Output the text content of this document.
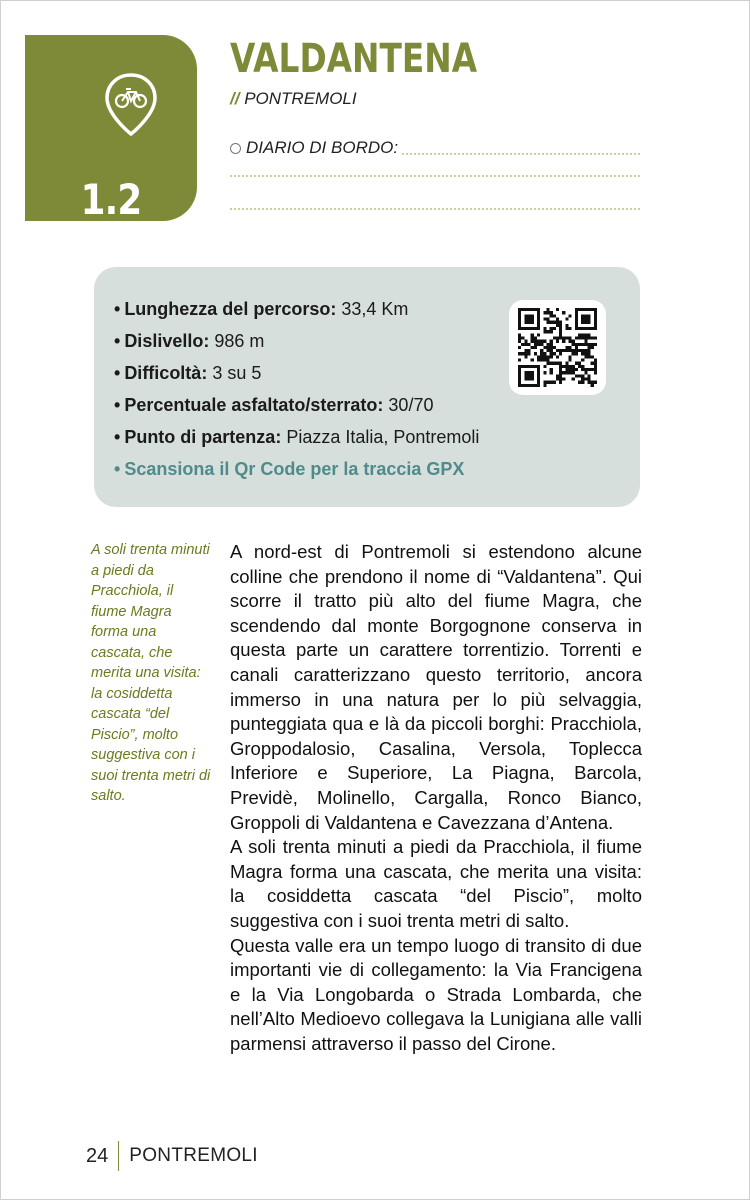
1.2
VALDANTENA
// PONTREMOLI
DIARIO DI BORDO:
• Lunghezza del percorso: 33,4 Km
• Dislivello: 986 m
• Difficoltà: 3 su 5
• Percentuale asfaltato/sterrato: 30/70
• Punto di partenza: Piazza Italia, Pontremoli
• Scansiona il Qr Code per la traccia GPX
A soli trenta minuti a piedi da Pracchiola, il fiume Magra forma una cascata, che merita una visita: la cosiddetta cascata “del Piscio”, molto suggestiva con i suoi trenta metri di salto.

A nord-est di Pontremoli si estendono alcune colline che prendono il nome di “Valdantena”. Qui scorre il tratto più alto del fiume Magra, che scendendo dal monte Borgognone conserva in questa parte un carattere torrentizio. Torrenti e canali caratterizzano questo territorio, ancora immerso in una natura per lo più selvaggia, punteggiata qua e là da piccoli borghi: Pracchiola, Groppodalosio, Casalina, Versola, Toplecca Inferiore e Superiore, La Piagna, Barcola, Previdè, Molinello, Cargalla, Ronco Bianco, Groppoli di Valdantena e Cavezzana d’Antena.

A soli trenta minuti a piedi da Pracchiola, il fiume Magra forma una cascata, che merita una visita: la cosiddetta cascata “del Piscio”, molto suggestiva con i suoi trenta metri di salto.

Questa valle era un tempo luogo di transito di due importanti vie di collegamento: la Via Francigena e la Via Longobarda o Strada Lombarda, che nell’Alto Medioevo collegava la Lunigiana alle valli parmensi attraverso il passo del Cirone.

24 PONTREMOLI
